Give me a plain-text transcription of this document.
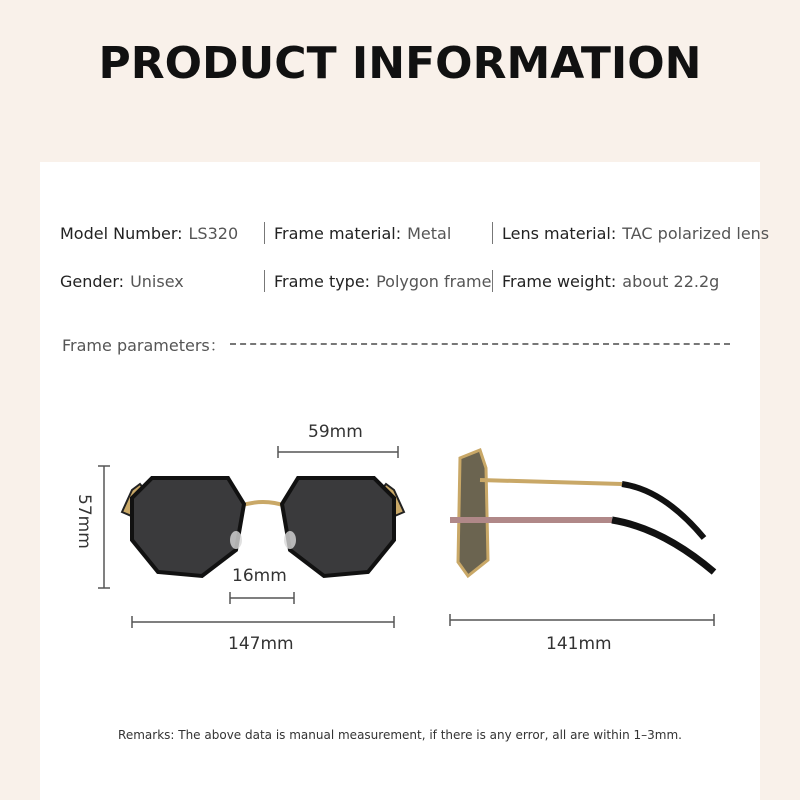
PRODUCT INFORMATION
Model Number: LS320 Frame material: Metal	Lens material: TAC polarized lens
Gender: Unisex	Frame type: Polygon frame Frame weight: about 22.2g
Frame parameters：
59mm
57mm
16mm
147mm	141mm
Remarks: The above data is manual measurement, if there is any error, all are within 1–3mm.
